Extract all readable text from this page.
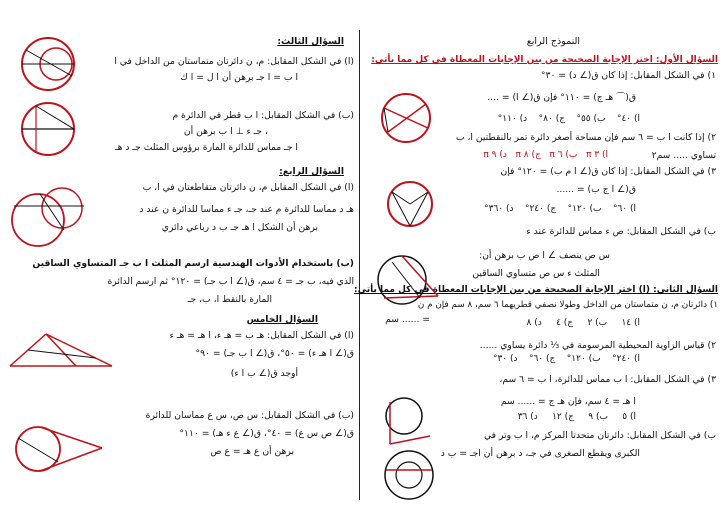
النموذج الرابع
السؤال الأول: اختر الإجابة الصحيحة من بين الإجابات المعطاة في كل مما يأتي:
١) في الشكل المقابل: إذا كان ق(∠ د) = ٣٠°
ق(⌒ هـ ج) = ١١٠° فإن ق(∠ ا) = ....
ا) ٤٠°    ب) ٥٥°    ج) ٨٠°    د) ١١٠°
٢) إذا كانت ا ب = ٦ سم فإن مساحة أصغر دائرة تمر بالنقطتين ا، ب
تساوي ..... سم٢
ا) ٣ π   ب) ٦ π   ج) ٨ π   د) ٩ π
٣) في الشكل المقابل: إذا كان ق(∠ ا م ب) = ١٢٠° فإن
ق(∠ ا ج ب) = ......
ا) ٦٠°    ب) ١٢٠°    ج) ٢٤٠°    د) ٣٦٠°
ب) في الشكل المقابل: ص ء مماس للدائرة عند ء
س ص ينصف ∠ ا ص ب برهن أن:
المثلث ء س ص متساوي الساقين
السؤال الثاني: (ا) اختر الإجابة الصحيحة من بين الإجابات المعطاة في كل مما يأتي:
١) دائرتان م، ن متماستان من الداخل وطولا نصفي قطريهما ٦ سم، ٨ سم فإن م ن
= ...... سم	ا) ١٤     ب) ٢     ج) ٤     د) ٨
٢) قياس الزاوية المحيطية المرسومة في ⅓ دائرة يساوي ......
ا) ٢٤٠°    ب) ١٢٠°    ج) ٦٠°    د) ٣٠°
٣) في الشكل المقابل: ا ب مماس للدائرة، ا ب = ٦ سم،
ا هـ = ٤ سم، فإن هـ ج = ...... سم
ا) ٥     ب) ٩     ج) ١٢     د) ٣٦
ب) في الشكل المقابل: دائرتان متحدتا المركز م، ا ب وتر في
الكبرى ويقطع الصغرى في جـ، د برهن أن اجـ = ب د
السؤال الثالث:
(ا) في الشكل المقابل: م، ن دائرتان متماستان من الداخل في ا
ا ب = ا جـ برهن أن ا ل = ا ك
(ب) في الشكل المقابل: ا ب قطر في الدائرة م
، جـ ء ⊥ ا ب برهن أن
ا جـ مماس للدائرة المارة برؤوس المثلث جـ د هـ
السؤال الرابع:
(ا) في الشكل المقابل م، ن دائرتان متقاطعتان في ا، ب
هـ د مماسا للدائرة م عند جـ، جـ ء مماسا للدائرة ن عند د
برهن أن الشكل ا هـ جـ ب د رباعي دائري
(ب) باستخدام الأدوات الهندسية ارسم المثلث ا ب جـ المتساوي الساقين
الذي فيه، ب جـ = ٤ سم، ق(∠ ا ب جـ) = ١٢٠° ثم ارسم الدائرة
المارة بالنقط ا، ب، جـ
السؤال الخامس
(ا) في الشكل المقابل: هـ ب = هـ ء، ا هـ = هـ ء
ق(∠ ا هـ ء) = ٥٠°، ق(∠ ا ب جـ) = ٩٠°
أوجد ق(∠ ب ا ء)
(ب) في الشكل المقابل: س ص، س ع مماسان للدائرة
ق(∠ ص س ع) = ٤٠°، ق(∠ ع ء هـ) = ١١٠°
برهن أن ع هـ = ع ص
